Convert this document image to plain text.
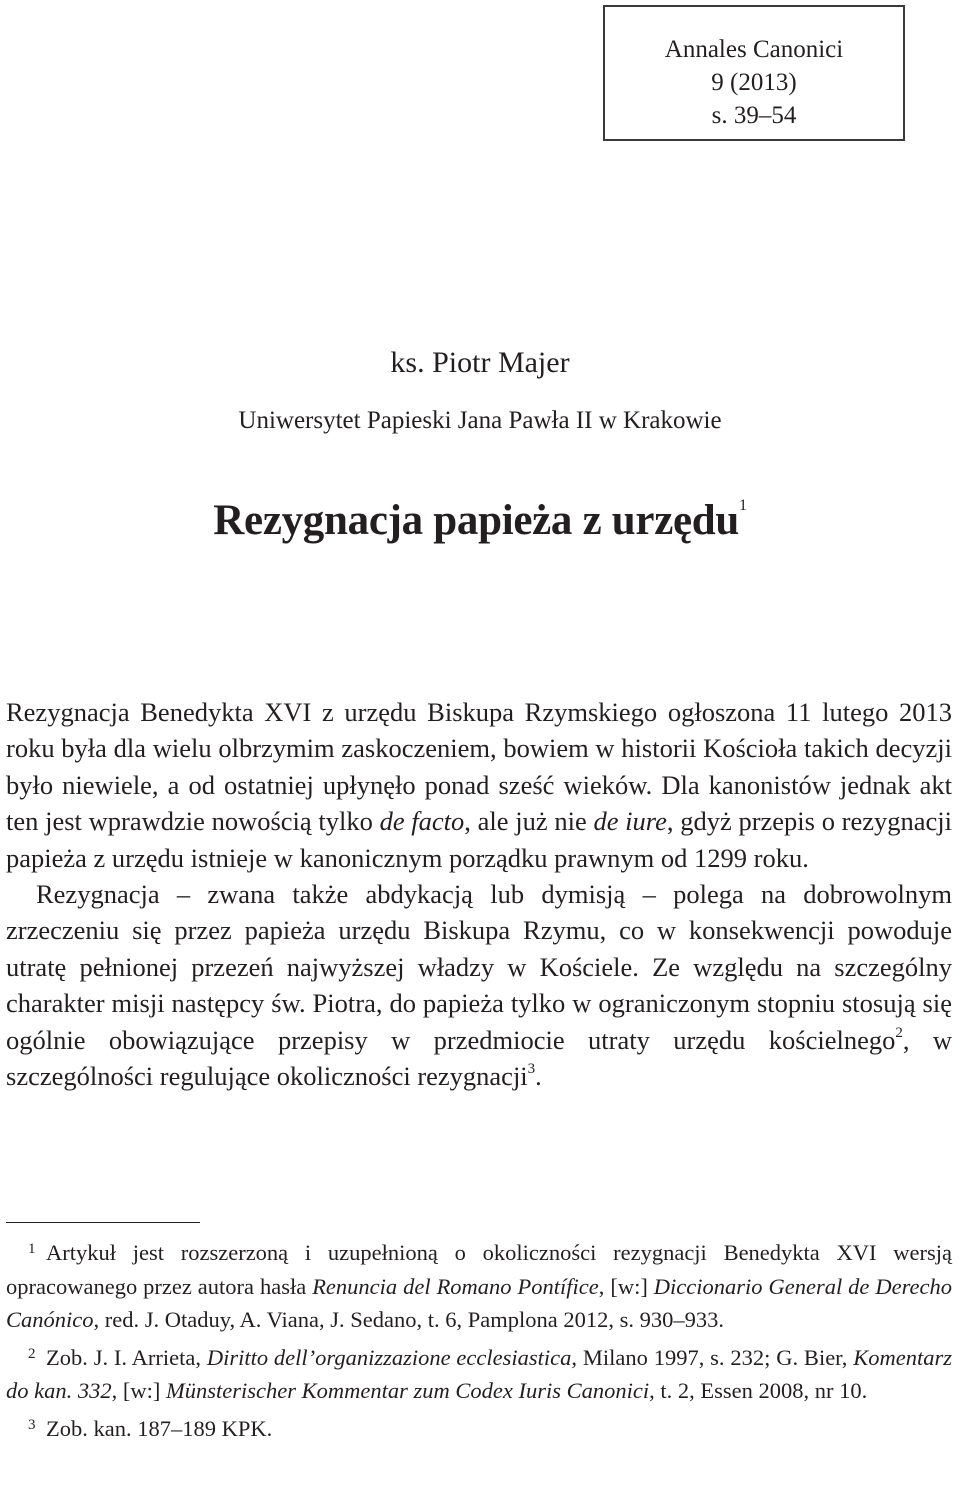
Annales Canonici
9 (2013)
s. 39–54
ks. Piotr Majer
Uniwersytet Papieski Jana Pawła II w Krakowie
Rezygnacja papieża z urzędu$^1$

Rezygnacja Benedykta XVI z urzędu Biskupa Rzymskiego ogłoszona 11 lutego 2013 roku była dla wielu olbrzymim zaskoczeniem, bowiem w historii Kościoła takich decyzji było niewiele, a od ostatniej upłynęło ponad sześć wieków. Dla kanonistów jednak akt ten jest wprawdzie nowością tylko de facto, ale już nie de iure, gdyż przepis o rezygnacji papieża z urzędu istnieje w kanonicznym porządku prawnym od 1299 roku.

Rezygnacja – zwana także abdykacją lub dymisją – polega na dobrowolnym zrzeczeniu się przez papieża urzędu Biskupa Rzymu, co w konsekwencji powoduje utratę pełnionej przezeń najwyższej władzy w Kościele. Ze względu na szczególny charakter misji następcy św. Piotra, do papieża tylko w ograniczonym stopniu stosują się ogólnie obowiązujące przepisy w przedmiocie utraty urzędu kościelnego$^2$, w szczególności regulujące okoliczności rezygnacji$^3$.

1 Artykuł jest rozszerzoną i uzupełnioną o okoliczności rezygnacji Benedykta XVI wersją opracowanego przez autora hasła Renuncia del Romano Pontífice, [w:] Diccionario General de Derecho Canónico, red. J. Otaduy, A. Viana, J. Sedano, t. 6, Pamplona 2012, s. 930–933.

2 Zob. J. I. Arrieta, Diritto dell’organizzazione ecclesiastica, Milano 1997, s. 232; G. Bier, Komentarz do kan. 332, [w:] Münsterischer Kommentar zum Codex Iuris Canonici, t. 2, Essen 2008, nr 10.

3 Zob. kan. 187–189 KPK.
